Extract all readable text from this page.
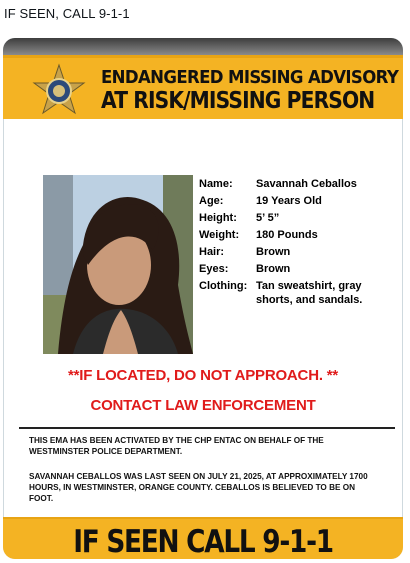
IF SEEN, CALL 9-1-1
ENDANGERED MISSING ADVISORY
AT RISK/MISSING PERSON
Name:	Savannah Ceballos
Age:	19 Years Old
Height:	5’ 5”
Weight:	180 Pounds
Hair:	Brown
Eyes:	Brown
Clothing: Tan sweatshirt, gray shorts, and sandals.
**IF LOCATED, DO NOT APPROACH. **
CONTACT LAW ENFORCEMENT
THIS EMA HAS BEEN ACTIVATED BY THE CHP ENTAC ON BEHALF OF THE WESTMINSTER POLICE DEPARTMENT.
SAVANNAH CEBALLOS WAS LAST SEEN ON JULY 21, 2025, AT APPROXIMATELY 1700 HOURS, IN WESTMINSTER, ORANGE COUNTY. CEBALLOS IS BELIEVED TO BE ON FOOT.
IF SEEN CALL 9-1-1
